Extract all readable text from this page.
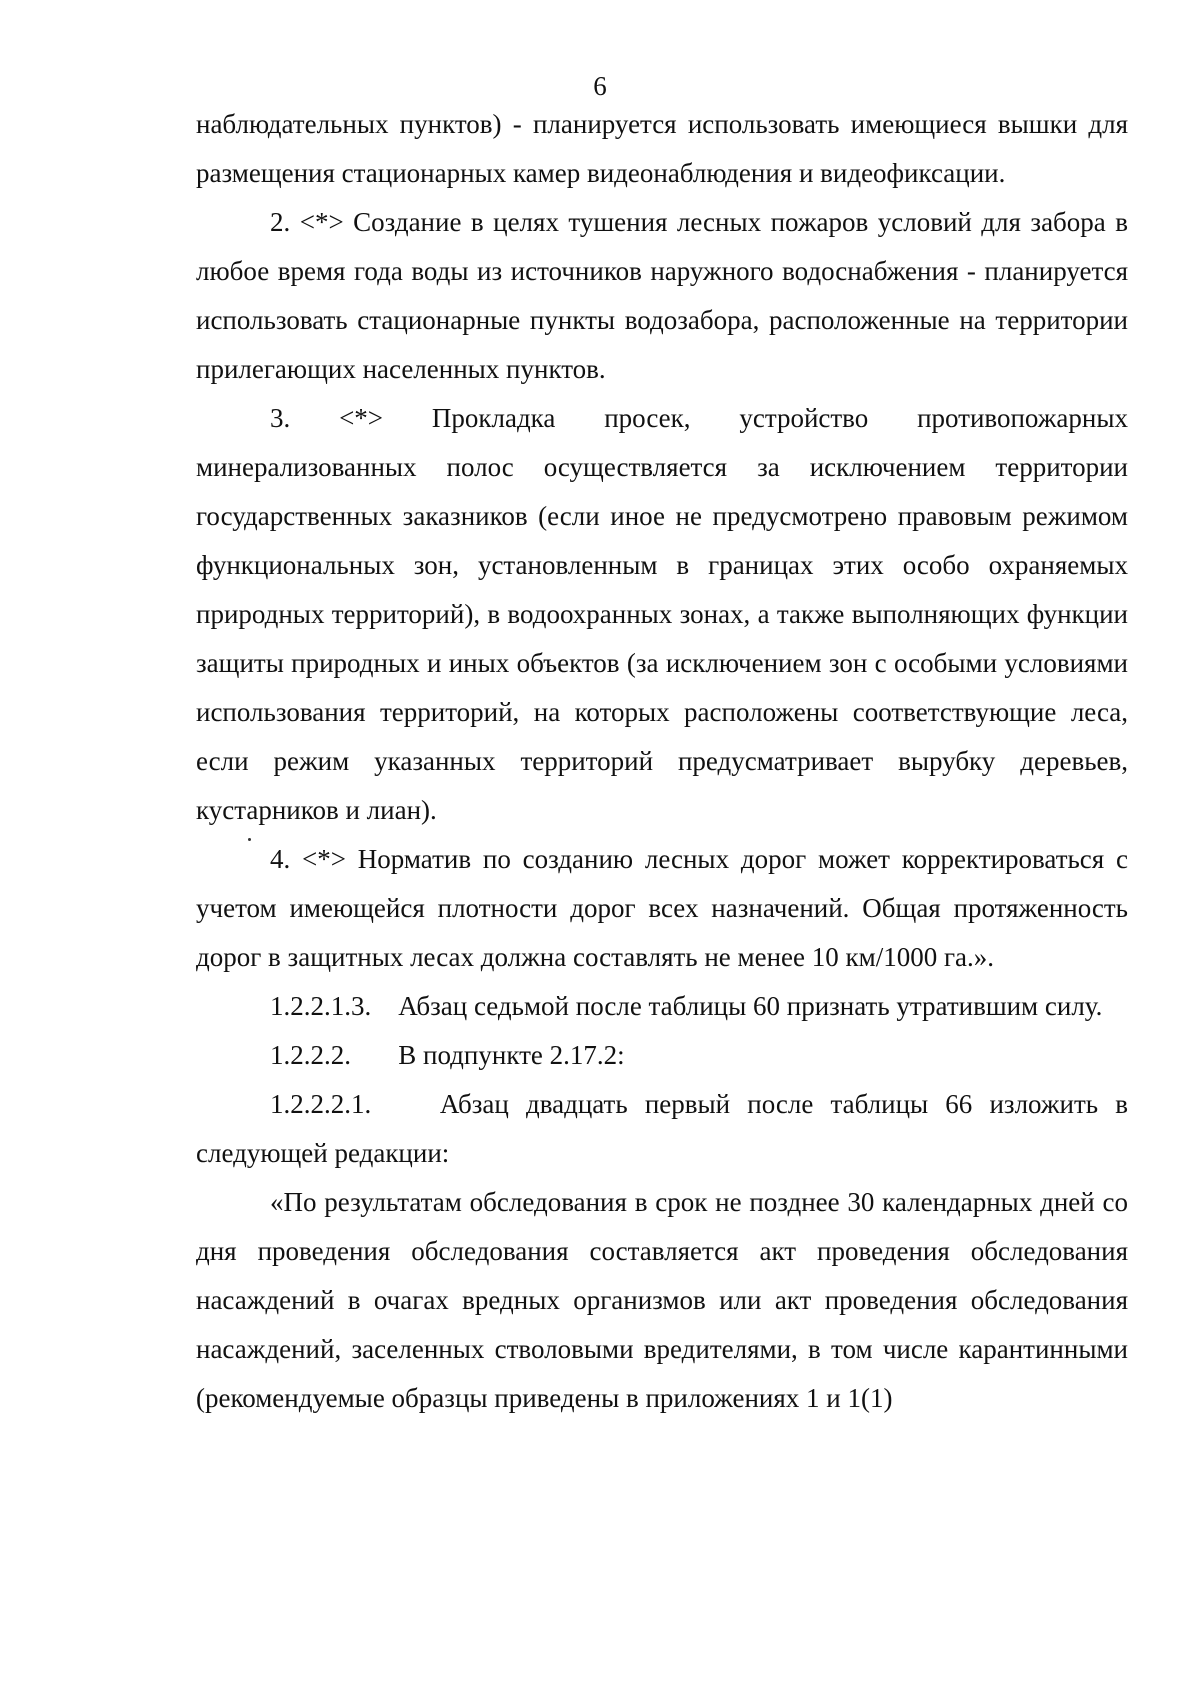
6

наблюдательных пунктов) - планируется использовать имеющиеся вышки для размещения стационарных камер видеонаблюдения и видеофиксации.

2. <*> Создание в целях тушения лесных пожаров условий для забора в любое время года воды из источников наружного водоснабжения - планируется использовать стационарные пункты водозабора, расположенные на территории прилегающих населенных пунктов.

3. <*> Прокладка просек, устройство противопожарных минерализованных полос осуществляется за исключением территории государственных заказников (если иное не предусмотрено правовым режимом функциональных зон, установленным в границах этих особо охраняемых природных территорий), в водоохранных зонах, а также выполняющих функции защиты природных и иных объектов (за исключением зон с особыми условиями использования территорий, на которых расположены соответствующие леса, если режим указанных территорий предусматривает вырубку деревьев, кустарников и лиан).

4. <*> Норматив по созданию лесных дорог может корректироваться с учетом имеющейся плотности дорог всех назначений. Общая протяженность дорог в защитных лесах должна составлять не менее 10 км/1000 га.».

1.2.2.1.3.    Абзац седьмой после таблицы 60 признать утратившим силу.

1.2.2.2.       В подпункте 2.17.2:

1.2.2.2.1.    Абзац двадцать первый после таблицы 66 изложить в следующей редакции:

«По результатам обследования в срок не позднее 30 календарных дней со дня проведения обследования составляется акт проведения обследования насаждений в очагах вредных организмов или акт проведения обследования насаждений, заселенных стволовыми вредителями, в том числе карантинными (рекомендуемые образцы приведены в приложениях 1 и 1(1)
